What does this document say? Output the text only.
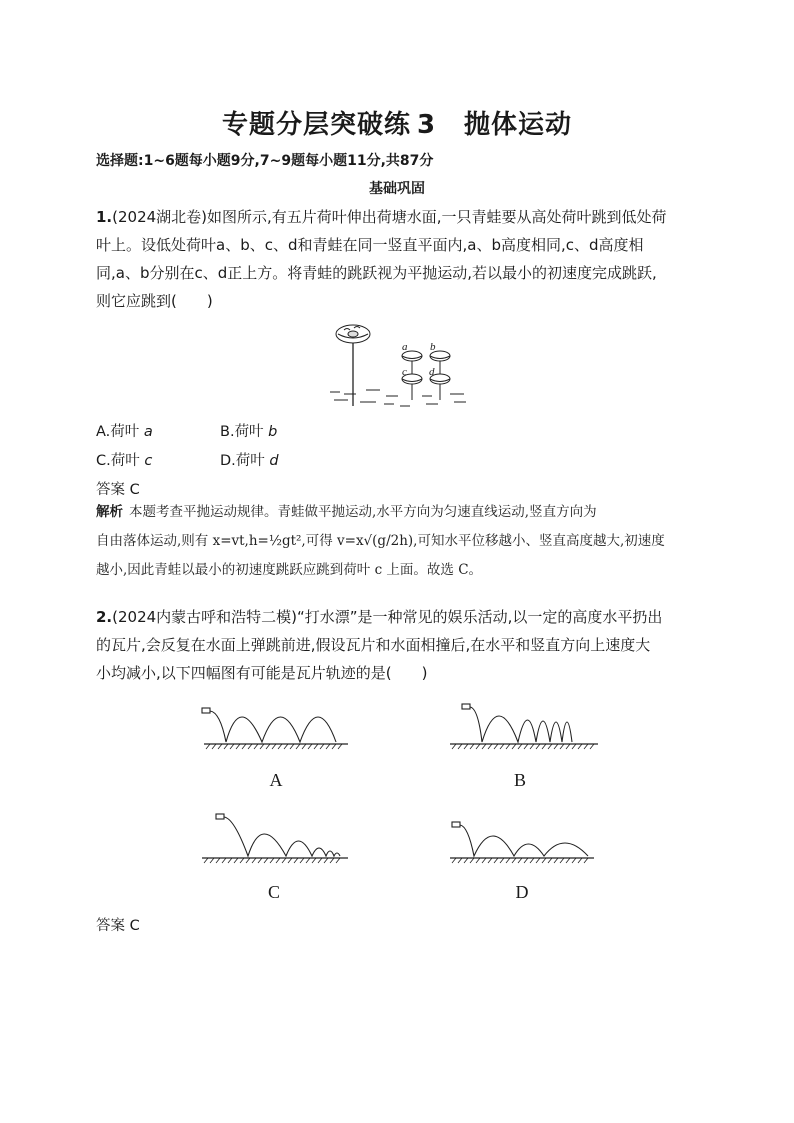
专题分层突破练 3 抛体运动
选择题:1~6题每小题9分,7~9题每小题11分,共87分
基础巩固
1.(2024湖北卷)如图所示,有五片荷叶伸出荷塘水面,一只青蛙要从高处荷叶跳到低处荷
叶上。设低处荷叶a、b、c、d和青蛙在同一竖直平面内,a、b高度相同,c、d高度相
同,a、b分别在c、d正上方。将青蛙的跳跃视为平抛运动,若以最小的初速度完成跳跃,
则它应跳到(　　)
a b
c d
A.荷叶 a	B.荷叶 b
C.荷叶 c	D.荷叶 d
答案 C
解析 本题考查平抛运动规律。青蛙做平抛运动,水平方向为匀速直线运动,竖直方向为
自由落体运动,则有 x=vt,h=½gt²,可得 v=x√(g/2h),可知水平位移越小、竖直高度越大,初速度
越小,因此青蛙以最小的初速度跳跃应跳到荷叶 c 上面。故选 C。
2.(2024内蒙古呼和浩特二模)“打水漂”是一种常见的娱乐活动,以一定的高度水平扔出
的瓦片,会反复在水面上弹跳前进,假设瓦片和水面相撞后,在水平和竖直方向上速度大
小均减小,以下四幅图有可能是瓦片轨迹的是(　　)
A	B
C	D
答案 C
